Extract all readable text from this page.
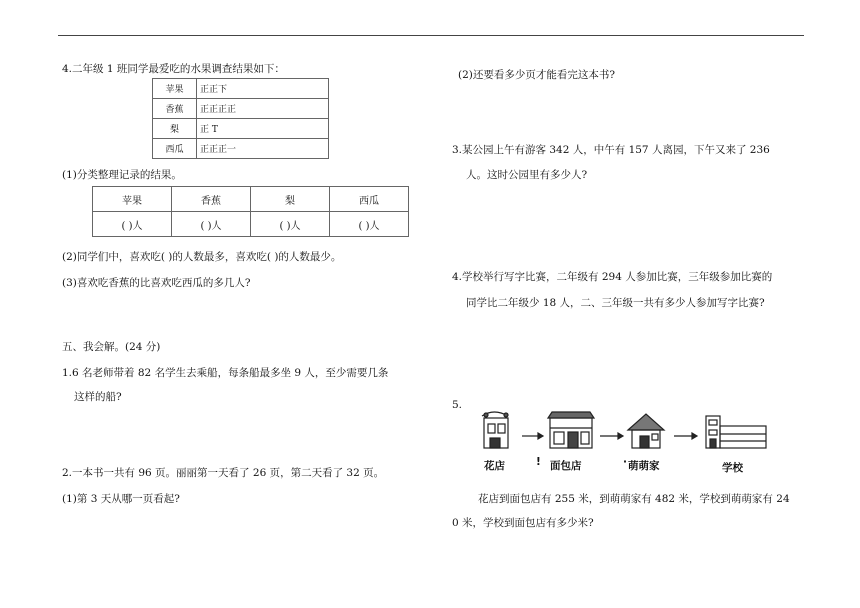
4.二年级 1 班同学最爱吃的水果调查结果如下：
苹果	正正下
香蕉	正正正正
梨	正 T
西瓜	正正正一
(1)分类整理记录的结果。
苹果	香蕉	梨	西瓜
( )人	( )人	( )人	( )人
(2)同学们中，喜欢吃( )的人数最多，喜欢吃( )的人数最少。
(3)喜欢吃香蕉的比喜欢吃西瓜的多几人?
五、我会解。(24 分)
1.6 名老师带着 82 名学生去乘船，每条船最多坐 9 人，至少需要几条
这样的船?
2.一本书一共有 96 页。丽丽第一天看了 26 页，第二天看了 32 页。
(1)第 3 天从哪一页看起?
(2)还要看多少页才能看完这本书?
3.某公园上午有游客 342 人，中午有 157 人离园，下午又来了 236
人。这时公园里有多少人?
4.学校举行写字比赛，二年级有 294 人参加比赛，三年级参加比赛的
同学比二年级少 18 人，二、三年级一共有多少人参加写字比赛?
5.
花店	! 面包店	· 萌萌家	学校
花店到面包店有 255 米，到萌萌家有 482 米，学校到萌萌家有 24
0 米，学校到面包店有多少米?
